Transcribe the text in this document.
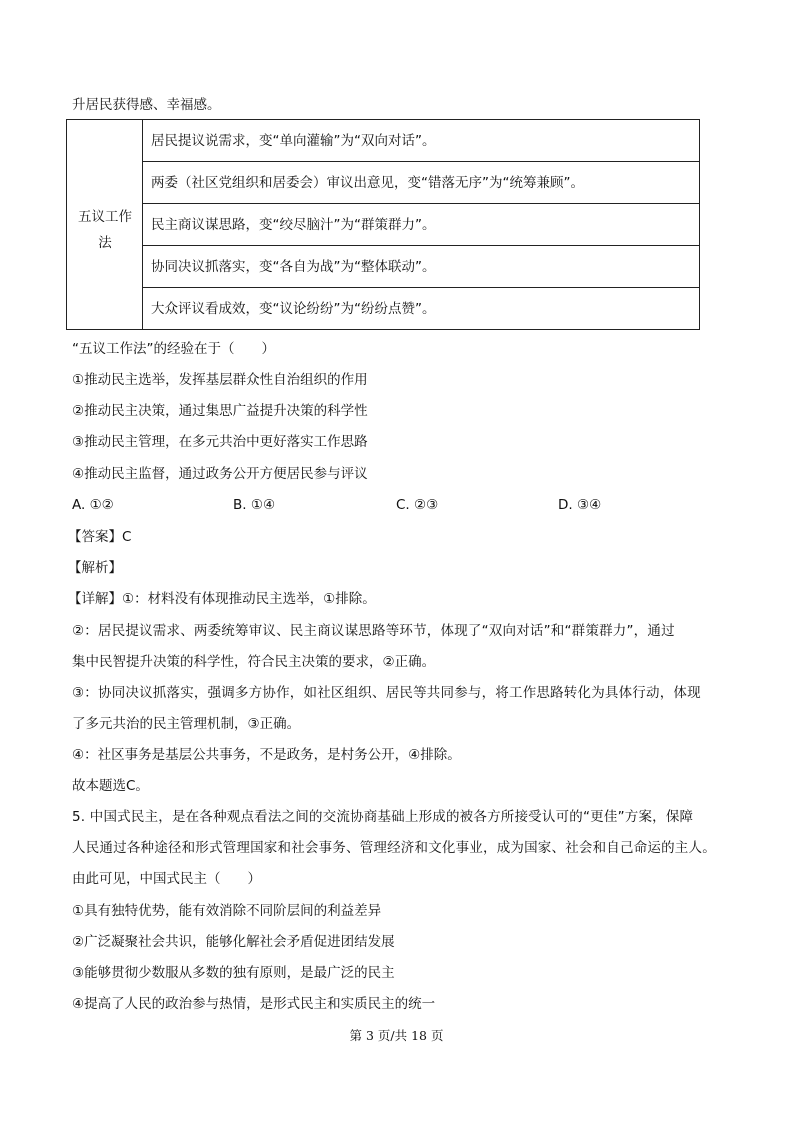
升居民获得感、幸福感。
五议工作法
居民提议说需求，变“单向灌输”为“双向对话”。
两委（社区党组织和居委会）审议出意见，变“错落无序”为“统筹兼顾”。
民主商议谋思路，变“绞尽脑汁”为“群策群力”。
协同决议抓落实，变“各自为战”为“整体联动”。
大众评议看成效，变“议论纷纷”为“纷纷点赞”。
“五议工作法”的经验在于（　　）
①推动民主选举，发挥基层群众性自治组织的作用
②推动民主决策，通过集思广益提升决策的科学性
③推动民主管理，在多元共治中更好落实工作思路
④推动民主监督，通过政务公开方便居民参与评议
A. ①②	B. ①④	C. ②③	D. ③④
【答案】C
【解析】
【详解】①：材料没有体现推动民主选举，①排除。
②：居民提议需求、两委统筹审议、民主商议谋思路等环节，体现了“双向对话”和“群策群力”，通过
集中民智提升决策的科学性，符合民主决策的要求，②正确。
③：协同决议抓落实，强调多方协作，如社区组织、居民等共同参与，将工作思路转化为具体行动，体现
了多元共治的民主管理机制，③正确。
④：社区事务是基层公共事务，不是政务，是村务公开，④排除。
故本题选C。
5. 中国式民主，是在各种观点看法之间的交流协商基础上形成的被各方所接受认可的“更佳”方案，保障
人民通过各种途径和形式管理国家和社会事务、管理经济和文化事业，成为国家、社会和自己命运的主人。
由此可见，中国式民主（　　）
①具有独特优势，能有效消除不同阶层间的利益差异
②广泛凝聚社会共识，能够化解社会矛盾促进团结发展
③能够贯彻少数服从多数的独有原则，是最广泛的民主
④提高了人民的政治参与热情，是形式民主和实质民主的统一
第 3 页/共 18 页
